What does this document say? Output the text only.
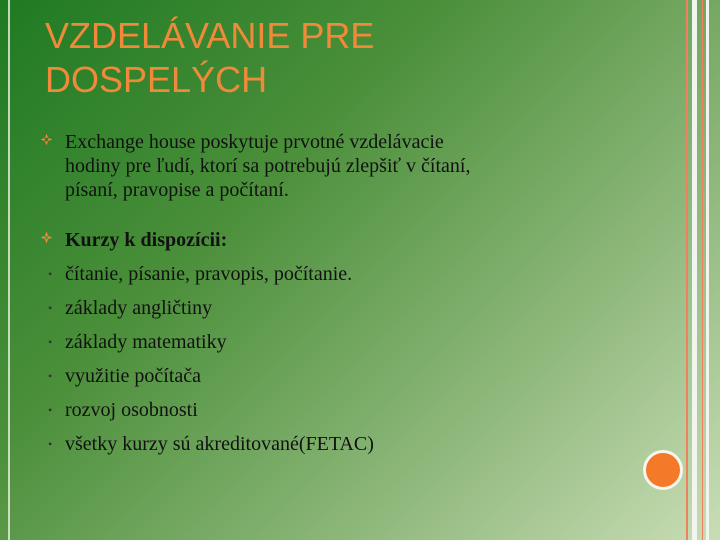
VZDELÁVANIE PRE
DOSPELÝCH
Exchange house poskytuje prvotné vzdelávacie
hodiny pre ľudí, ktorí sa potrebujú zlepšiť v čítaní,
písaní, pravopise a počítaní.
Kurzy k dispozícii:
• čítanie, písanie, pravopis, počítanie.
• základy angličtiny
• základy matematiky
• využitie počítača
• rozvoj osobnosti
• všetky kurzy sú akreditované(FETAC)
